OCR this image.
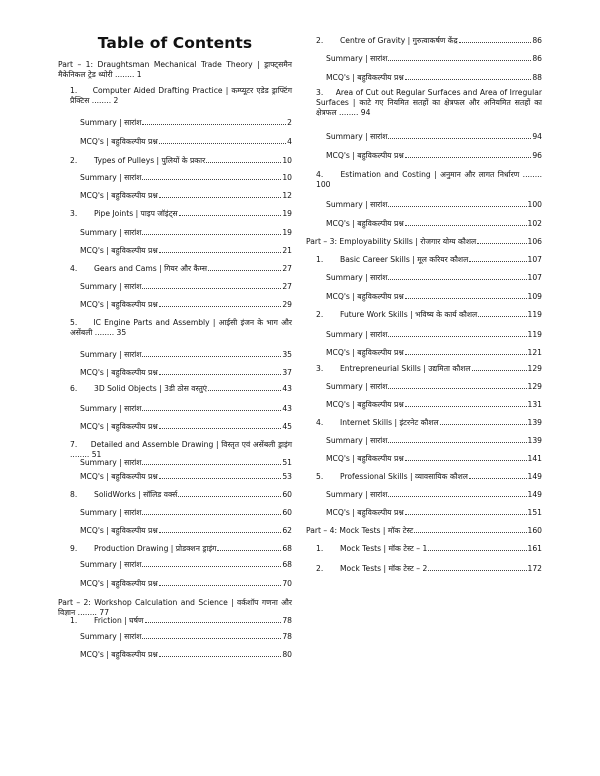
Table of Contents
Part – 1: Draughtsman Mechanical Trade Theory | ड्राफ्ट्समैन मैकेनिकल ट्रेड थ्योरी ........ 1
1.     Computer Aided Drafting Practice | कम्प्यूटर एडेड ड्राफ्टिंग प्रैक्टिस ........ 2
Summary | सारांश	2
MCQ's | बहुविकल्पीय प्रश्न	4
2.	Types of Pulleys | पुलियों के प्रकार	10
Summary | सारांश	10
MCQ's | बहुविकल्पीय प्रश्न	12
3.	Pipe Joints | पाइप जॉइंट्स	19
Summary | सारांश	19
MCQ's | बहुविकल्पीय प्रश्न	21
4.	Gears and Cams | गियर और कैम्स	27
Summary | सारांश	27
MCQ's | बहुविकल्पीय प्रश्न	29
5.     IC Engine Parts and Assembly | आईसी इंजन के भाग और असेंबली ........ 35
Summary | सारांश	35
MCQ's | बहुविकल्पीय प्रश्न	37
6.	3D Solid Objects | 3डी ठोस वस्तुएं	43
Summary | सारांश	43
MCQ's | बहुविकल्पीय प्रश्न	45
7.     Detailed and Assemble Drawing | विस्तृत एवं असेंबली ड्राइंग ........ 51
Summary | सारांश	51
MCQ's | बहुविकल्पीय प्रश्न	53
8.	SolidWorks | सॉलिड वर्क्स	60
Summary | सारांश	60
MCQ's | बहुविकल्पीय प्रश्न	62
9.	Production Drawing | प्रोडक्शन ड्राइंग	68
Summary | सारांश	68
MCQ's | बहुविकल्पीय प्रश्न	70
Part – 2: Workshop Calculation and Science | वर्कशॉप गणना और विज्ञान ........ 77
1.	Friction | घर्षण	78
Summary | सारांश	78
MCQ's | बहुविकल्पीय प्रश्न	80
2.	Centre of Gravity | गुरुत्वाकर्षण केंद्र	86
Summary | सारांश	86
MCQ's | बहुविकल्पीय प्रश्न	88
3.     Area of Cut out Regular Surfaces and Area of Irregular Surfaces | काटे गए नियमित सतहों का क्षेत्रफल और अनियमित सतहों का क्षेत्रफल ........ 94
Summary | सारांश	94
MCQ's | बहुविकल्पीय प्रश्न	96
4.     Estimation and Costing | अनुमान और लागत निर्धारण ........ 100
Summary | सारांश	100
MCQ's | बहुविकल्पीय प्रश्न	102
Part – 3: Employability Skills | रोजगार योग्य कौशल	106
1.	Basic Career Skills | मूल करियर कौशल	107
Summary | सारांश	107
MCQ's | बहुविकल्पीय प्रश्न	109
2.	Future Work Skills | भविष्य के कार्य कौशल	119
Summary | सारांश	119
MCQ's | बहुविकल्पीय प्रश्न	121
3.	Entrepreneurial Skills | उद्यमिता कौशल	129
Summary | सारांश	129
MCQ's | बहुविकल्पीय प्रश्न	131
4.	Internet Skills | इंटरनेट कौशल	139
Summary | सारांश	139
MCQ's | बहुविकल्पीय प्रश्न	141
5.	Professional Skills | व्यावसायिक कौशल	149
Summary | सारांश	149
MCQ's | बहुविकल्पीय प्रश्न	151
Part – 4: Mock Tests | मॉक टेस्ट	160
1.	Mock Tests | मॉक टेस्ट – 1	161
2.	Mock Tests | मॉक टेस्ट – 2	172
